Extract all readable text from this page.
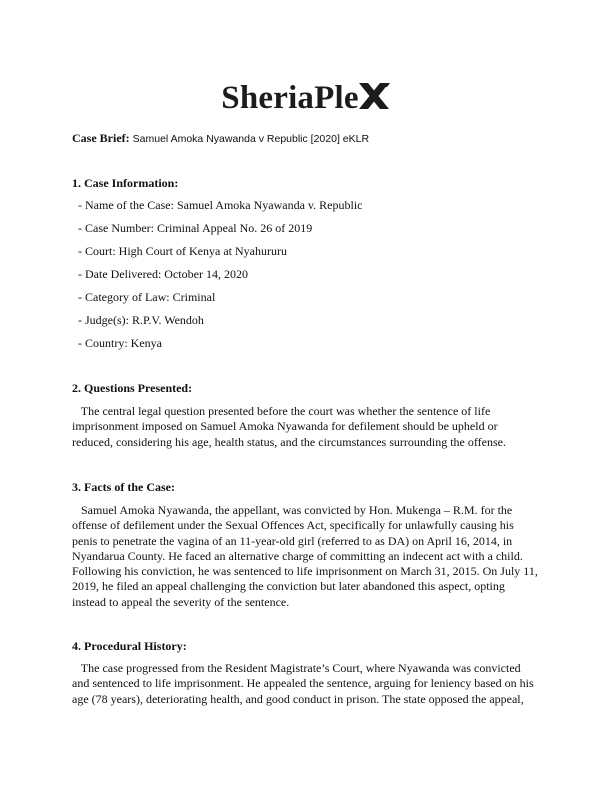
SheriaPle
Case Brief: Samuel Amoka Nyawanda v Republic [2020] eKLR
1. Case Information:
- Name of the Case: Samuel Amoka Nyawanda v. Republic
- Case Number: Criminal Appeal No. 26 of 2019
- Court: High Court of Kenya at Nyahururu
- Date Delivered: October 14, 2020
- Category of Law: Criminal
- Judge(s): R.P.V. Wendoh
- Country: Kenya
2. Questions Presented:
The central legal question presented before the court was whether the sentence of life
imprisonment imposed on Samuel Amoka Nyawanda for defilement should be upheld or
reduced, considering his age, health status, and the circumstances surrounding the offense.
3. Facts of the Case:
Samuel Amoka Nyawanda, the appellant, was convicted by Hon. Mukenga – R.M. for the
offense of defilement under the Sexual Offences Act, specifically for unlawfully causing his
penis to penetrate the vagina of an 11-year-old girl (referred to as DA) on April 16, 2014, in
Nyandarua County. He faced an alternative charge of committing an indecent act with a child.
Following his conviction, he was sentenced to life imprisonment on March 31, 2015. On July 11,
2019, he filed an appeal challenging the conviction but later abandoned this aspect, opting
instead to appeal the severity of the sentence.
4. Procedural History:
The case progressed from the Resident Magistrate’s Court, where Nyawanda was convicted
and sentenced to life imprisonment. He appealed the sentence, arguing for leniency based on his
age (78 years), deteriorating health, and good conduct in prison. The state opposed the appeal,
